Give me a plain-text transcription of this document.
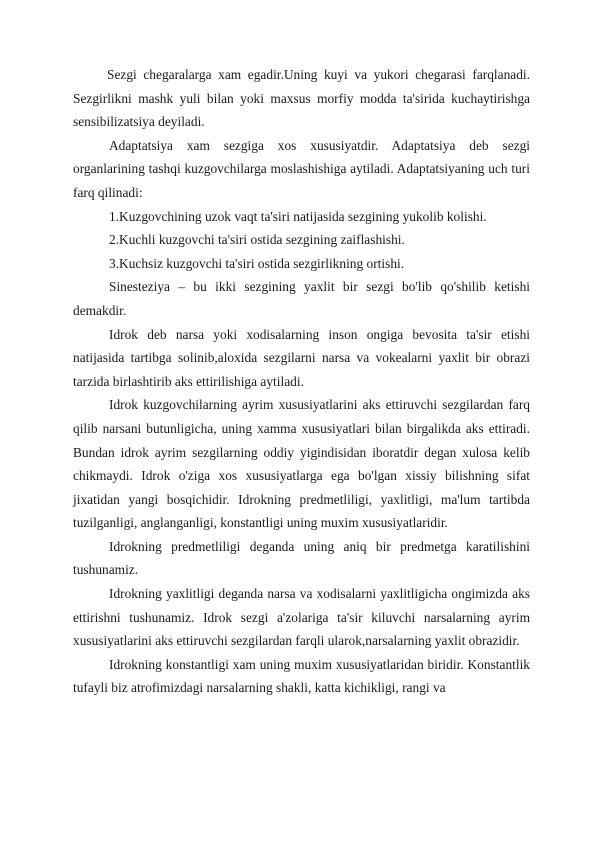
Sezgi chegaralarga xam egadir.Uning kuyi va yukori chegarasi farqlanadi. Sezgirlikni mashk yuli bilan yoki maxsus morfiy modda ta'sirida kuchaytirishga sensibilizatsiya deyiladi.

Adaptatsiya xam sezgiga xos xususiyatdir. Adaptatsiya deb sezgi organlarining tashqi kuzgovchilarga moslashishiga aytiladi. Adaptatsiyaning uch turi farq qilinadi:

1.Kuzgovchining uzok vaqt ta'siri natijasida sezgining yukolib kolishi.

2.Kuchli kuzgovchi ta'siri ostida sezgining zaiflashishi.

3.Kuchsiz kuzgovchi ta'siri ostida sezgirlikning ortishi.

Sinesteziya – bu ikki sezgining yaxlit bir sezgi bo'lib qo'shilib ketishi demakdir.

Idrok deb narsa yoki xodisalarning inson ongiga bevosita ta'sir etishi natijasida tartibga solinib,aloxida sezgilarni narsa va vokealarni yaxlit bir obrazi tarzida birlashtirib aks ettirilishiga aytiladi.

Idrok kuzgovchilarning ayrim xususiyatlarini aks ettiruvchi sezgilardan farq qilib narsani butunligicha, uning xamma xususiyatlari bilan birgalikda aks ettiradi. Bundan idrok ayrim sezgilarning oddiy yigindisidan iboratdir degan xulosa kelib chikmaydi. Idrok o'ziga xos xususiyatlarga ega bo'lgan xissiy bilishning sifat jixatidan yangi bosqichidir. Idrokning predmetliligi, yaxlitligi, ma'lum tartibda tuzilganligi, anglanganligi, konstantligi uning muxim xususiyatlaridir.

Idrokning predmetliligi deganda uning aniq bir predmetga karatilishini tushunamiz.

Idrokning yaxlitligi deganda narsa va xodisalarni yaxlitligicha ongimizda aks ettirishni tushunamiz. Idrok sezgi a'zolariga ta'sir kiluvchi narsalarning ayrim xususiyatlarini aks ettiruvchi sezgilardan farqli ularok,narsalarning yaxlit obrazidir.

Idrokning konstantligi xam uning muxim xususiyatlaridan biridir. Konstantlik tufayli biz atrofimizdagi narsalarning shakli, katta kichikligi, rangi va
